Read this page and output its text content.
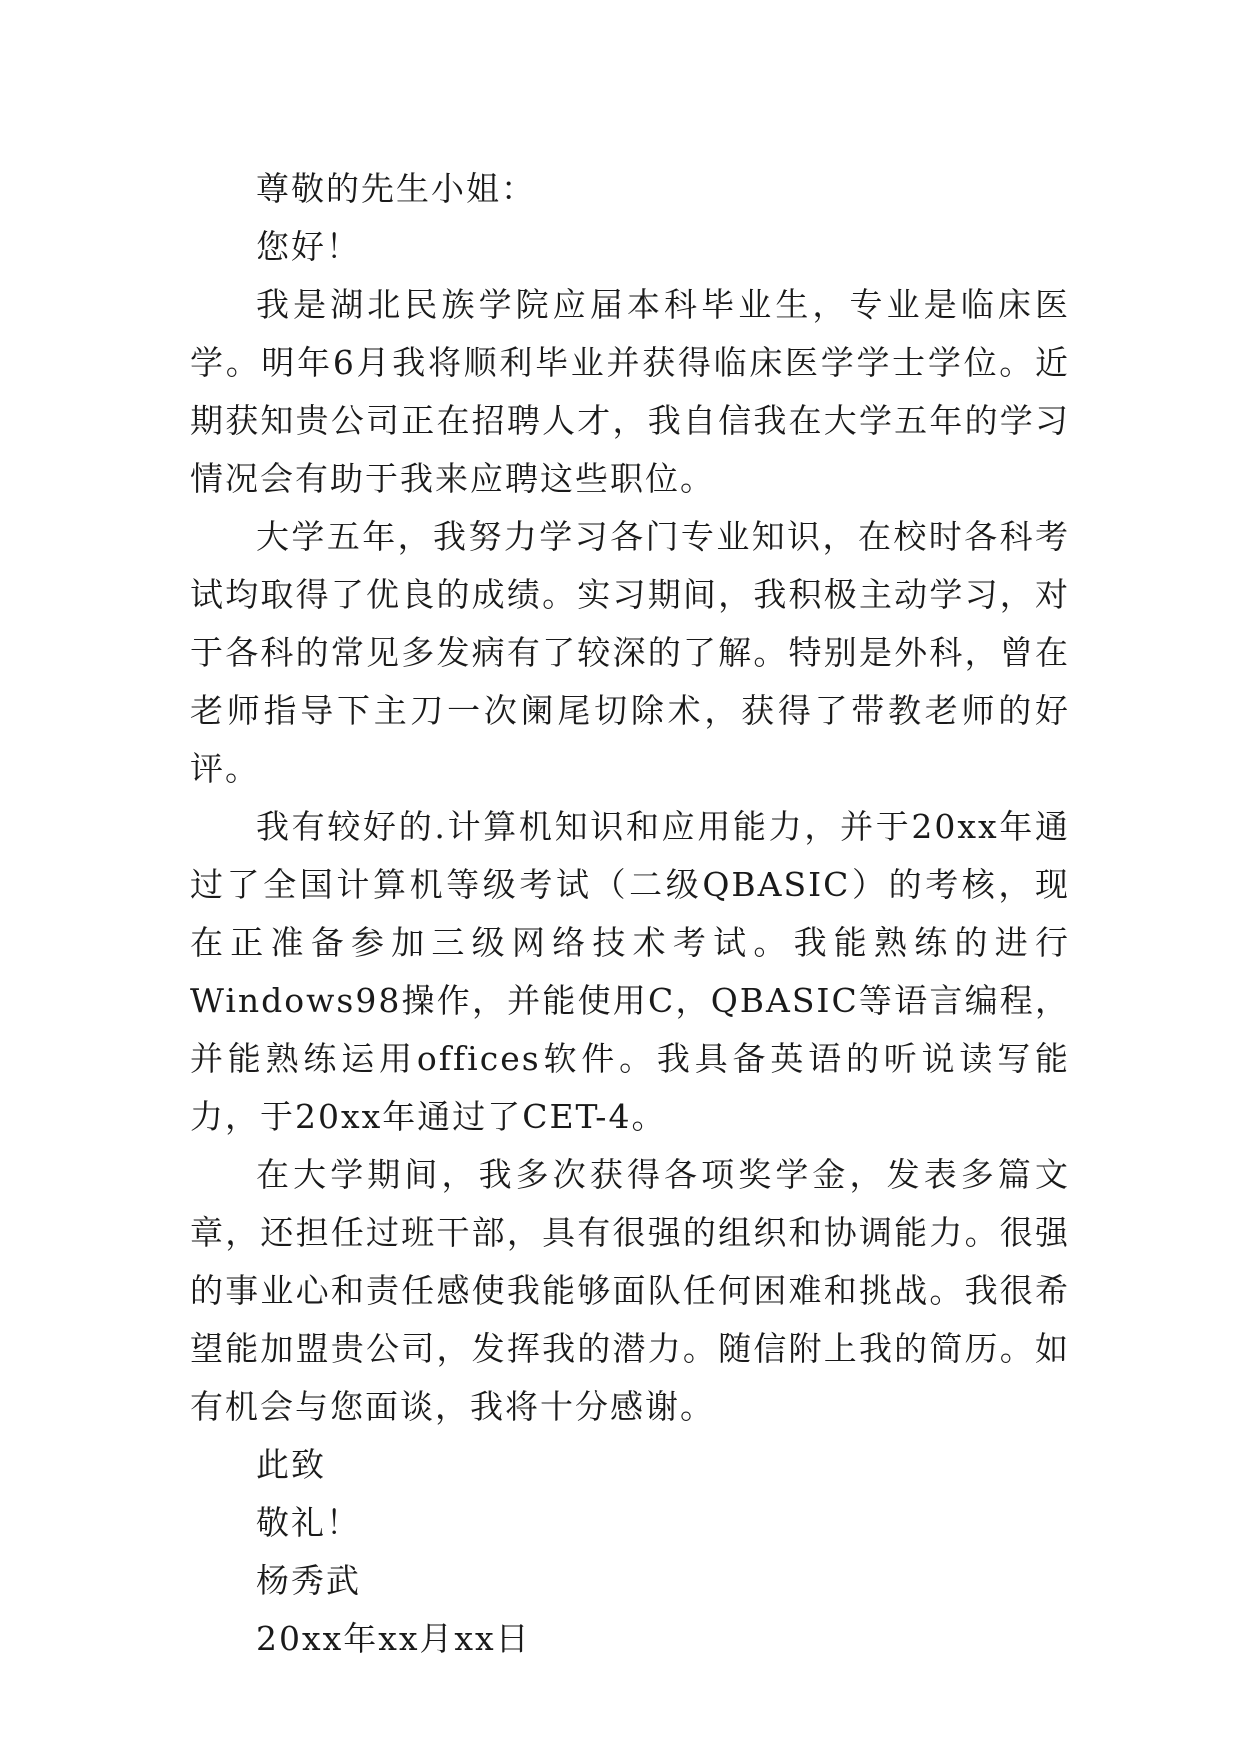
尊敬的先生小姐：

您好！

我是湖北民族学院应届本科毕业生，专业是临床医学。明年6月我将顺利毕业并获得临床医学学士学位。近期获知贵公司正在招聘人才，我自信我在大学五年的学习情况会有助于我来应聘这些职位。

大学五年，我努力学习各门专业知识，在校时各科考试均取得了优良的成绩。实习期间，我积极主动学习，对于各科的常见多发病有了较深的了解。特别是外科，曾在老师指导下主刀一次阑尾切除术，获得了带教老师的好评。

我有较好的.计算机知识和应用能力，并于20xx年通过了全国计算机等级考试（二级QBASIC）的考核，现在正准备参加三级网络技术考试。我能熟练的进行Windows98操作，并能使用C，QBASIC等语言编程，并能熟练运用offices软件。我具备英语的听说读写能力，于20xx年通过了CET-4。

在大学期间，我多次获得各项奖学金，发表多篇文章，还担任过班干部，具有很强的组织和协调能力。很强的事业心和责任感使我能够面队任何困难和挑战。我很希望能加盟贵公司，发挥我的潜力。随信附上我的简历。如有机会与您面谈，我将十分感谢。

此致

敬礼！

杨秀武

20xx年xx月xx日
